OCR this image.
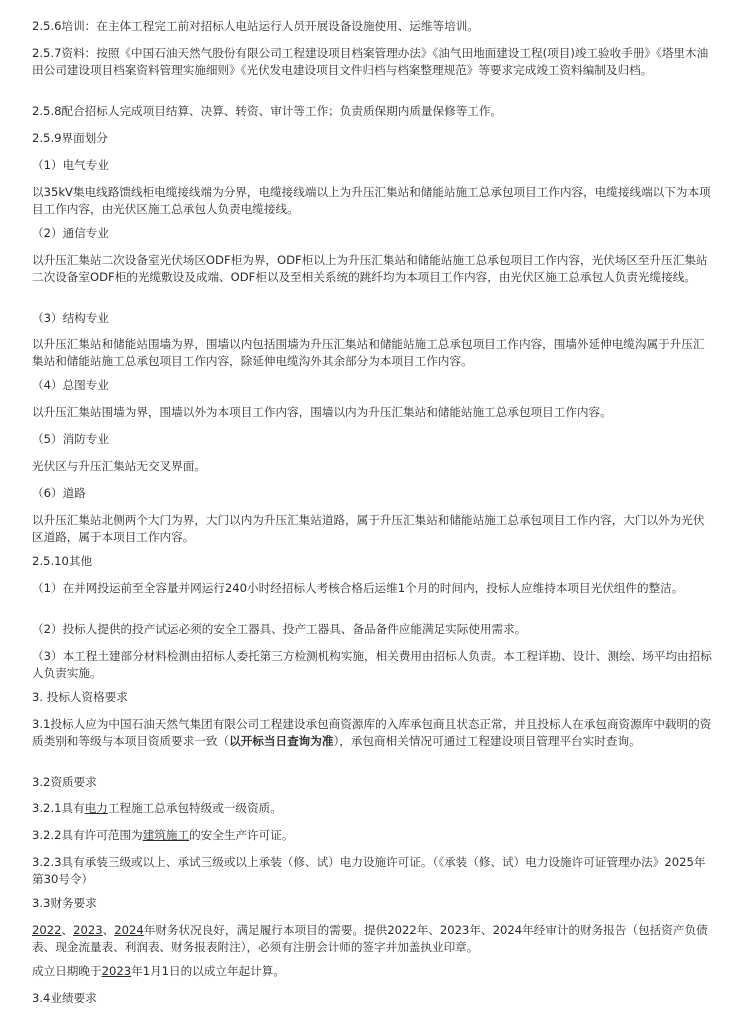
2.5.6培训：在主体工程完工前对招标人电站运行人员开展设备设施使用、运维等培训。

2.5.7资料：按照《中国石油天然气股份有限公司工程建设项目档案管理办法》《油气田地面建设工程(项目)竣工验收手册》《塔里木油田公司建设项目档案资料管理实施细则》《光伏发电建设项目文件归档与档案整理规范》等要求完成竣工资料编制及归档。

2.5.8配合招标人完成项目结算、决算、转资、审计等工作；负责质保期内质量保修等工作。

2.5.9界面划分

（1）电气专业

以35kV集电线路馈线柜电缆接线端为分界，电缆接线端以上为升压汇集站和储能站施工总承包项目工作内容，电缆接线端以下为本项目工作内容，由光伏区施工总承包人负责电缆接线。

（2）通信专业

以升压汇集站二次设备室光伏场区ODF柜为界，ODF柜以上为升压汇集站和储能站施工总承包项目工作内容，光伏场区至升压汇集站二次设备室ODF柜的光缆敷设及成端、ODF柜以及至相关系统的跳纤均为本项目工作内容，由光伏区施工总承包人负责光缆接线。

（3）结构专业

以升压汇集站和储能站围墙为界，围墙以内包括围墙为升压汇集站和储能站施工总承包项目工作内容，围墙外延伸电缆沟属于升压汇集站和储能站施工总承包项目工作内容，除延伸电缆沟外其余部分为本项目工作内容。

（4）总图专业

以升压汇集站围墙为界，围墙以外为本项目工作内容，围墙以内为升压汇集站和储能站施工总承包项目工作内容。

（5）消防专业

光伏区与升压汇集站无交叉界面。

（6）道路

以升压汇集站北侧两个大门为界，大门以内为升压汇集站道路，属于升压汇集站和储能站施工总承包项目工作内容，大门以外为光伏区道路，属于本项目工作内容。

2.5.10其他

（1）在并网投运前至全容量并网运行240小时经招标人考核合格后运维1个月的时间内，投标人应维持本项目光伏组件的整洁。

（2）投标人提供的投产试运必须的安全工器具、投产工器具、备品备件应能满足实际使用需求。

（3）本工程土建部分材料检测由招标人委托第三方检测机构实施，相关费用由招标人负责。本工程详勘、设计、测绘、场平均由招标人负责实施。

3. 投标人资格要求

3.1投标人应为中国石油天然气集团有限公司工程建设承包商资源库的入库承包商且状态正常，并且投标人在承包商资源库中载明的资质类别和等级与本项目资质要求一致（以开标当日查询为准），承包商相关情况可通过工程建设项目管理平台实时查询。

3.2资质要求

3.2.1具有电力工程施工总承包特级或一级资质。

3.2.2具有许可范围为建筑施工的安全生产许可证。

3.2.3具有承装三级或以上、承试三级或以上承装（修、试）电力设施许可证。（《承装（修、试）电力设施许可证管理办法》2025年第30号令）

3.3财务要求

2022、2023、2024年财务状况良好，满足履行本项目的需要。提供2022年、2023年、2024年经审计的财务报告（包括资产负债表、现金流量表、利润表、财务报表附注），必须有注册会计师的签字并加盖执业印章。

成立日期晚于2023年1月1日的以成立年起计算。

3.4业绩要求
